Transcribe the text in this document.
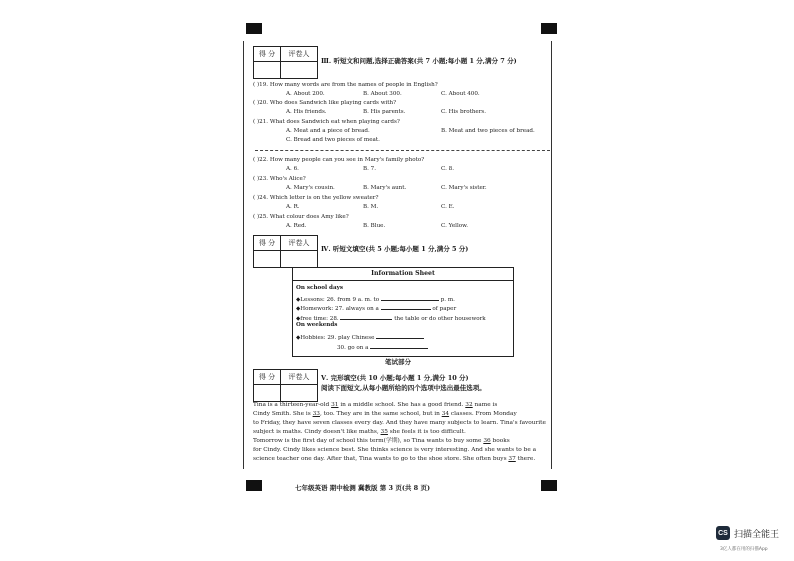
得 分	评卷人
Ⅲ. 听短文和问题,选择正确答案(共 7 小题;每小题 1 分,满分 7 分)
( )19. How many words are from the names of people in English?
A. About 200.	B. About 300.	C. About 400.
( )20. Who does Sandwich like playing cards with?
A. His friends.	B. His parents.	C. His brothers.
( )21. What does Sandwich eat when playing cards?
A. Meat and a piece of bread.	B. Meat and two pieces of bread.
C. Bread and two pieces of meat.
( )22. How many people can you see in Mary's family photo?
A. 6.	B. 7.	C. 8.
( )23. Who's Alice?
A. Mary's cousin.	B. Mary's aunt.	C. Mary's sister.
( )24. Which letter is on the yellow sweater?
A. R.	B. M.	C. E.
( )25. What colour does Amy like?
A. Red.	B. Blue.	C. Yellow.
得 分	评卷人
Ⅳ. 听短文填空(共 5 小题;每小题 1 分,满分 5 分)
Information Sheet
On school days
◆Lessons: 26. from 9 a. m. to	p. m.
◆Homework: 27. always on a	of paper
◆free time: 28.	the table or do other housework
On weekends
◆Hobbies: 29. play Chinese
30. go on a
笔试部分
得 分	评卷人	Ⅴ. 完形填空(共 10 小题;每小题 1 分,满分 10 分)
阅读下面短文,从每小题所给的四个选项中选出最佳选项。
Tina is a thirteen-year-old 31 in a middle school. She has a good friend. 32 name is
Cindy Smith. She is 33, too. They are in the same school, but in 34 classes. From Monday
to Friday, they have seven classes every day. And they have many subjects to learn. Tina's favourite
subject is maths. Cindy doesn't like maths, 35 she feels it is too difficult.
Tomorrow is the first day of school this term(学期), so Tina wants to buy some 36 books
for Cindy. Cindy likes science best. She thinks science is very interesting. And she wants to be a
science teacher one day. After that, Tina wants to go to the shoe store. She often buys 37 there.
七年级英语 期中检测 冀教版 第 3 页(共 8 页)
CS 扫描全能王
3亿人都在用的扫描App
